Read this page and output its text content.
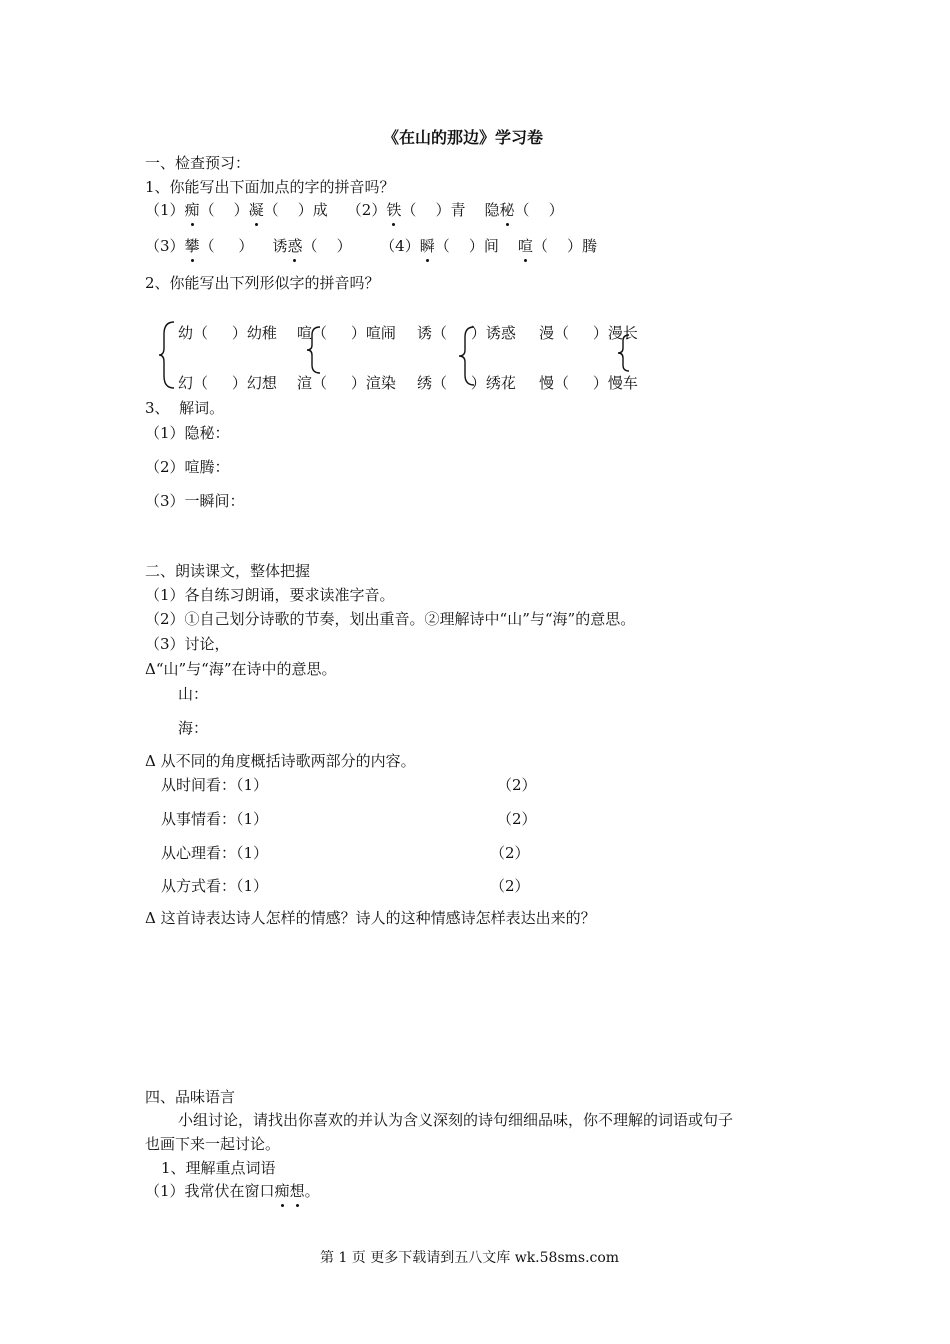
《在山的那边》学习卷
一、检查预习：
1、你能写出下面加点的字的拼音吗？
（1）痴（    ）凝（    ）成    （2）铁（    ）青    隐秘（    ）
（3）攀（     ）    诱惑（    ）      （4）瞬（    ）间    喧（    ）腾
2、你能写出下列形似字的拼音吗？
幼（     ）幼稚 喧（     ）喧闹 诱（     ）诱惑 漫（     ）漫长
幻（     ）幻想 渲（     ）渲染 绣（     ）绣花 慢（     ）慢车
3、  解词。
（1）隐秘：
（2）喧腾：
（3）一瞬间：
二、朗读课文，整体把握
（1）各自练习朗诵，要求读准字音。
（2）①自己划分诗歌的节奏，划出重音。②理解诗中“山”与“海”的意思。
（3）讨论，
Δ“山”与“海”在诗中的意思。
山：
海：
Δ 从不同的角度概括诗歌两部分的内容。
从时间看：（1）	（2）
从事情看：（1）	（2）
从心理看：（1）	（2）
从方式看：（1）	（2）
Δ 这首诗表达诗人怎样的情感？诗人的这种情感诗怎样表达出来的？
四、品味语言
小组讨论，请找出你喜欢的并认为含义深刻的诗句细细品味，你不理解的词语或句子
也画下来一起讨论。
1、理解重点词语
（1）我常伏在窗口痴想。
第 1 页 更多下载请到五八文库 wk.58sms.com
